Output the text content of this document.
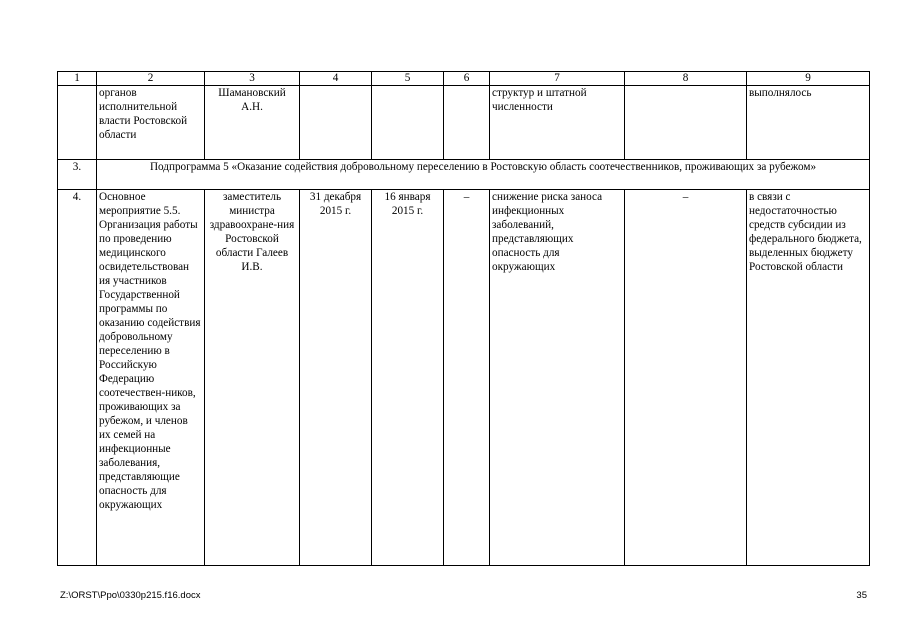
1	2	3	4	5	6	7	8	9
	органов исполнительной власти Ростовской области	Шамановский А.Н.				структур и штатной численности		выполнялось
3.	Подпрограмма 5 «Оказание содействия добровольному переселению в Ростовскую область соотечественников, проживающих за рубежом»							
4.	Основное мероприятие 5.5. Организация работы по проведению медицинского освидетельствован ия участников Государственной программы по оказанию содействия добровольному переселению в Российскую Федерацию соотечествен-ников, проживающих за рубежом, и членов их семей на инфекционные заболевания, представляющие опасность для окружающих	заместитель министра здравоохране-ния Ростовской области Галеев И.В.	31 декабря 2015 г.	16 января 2015 г.	–	снижение риска заноса инфекционных заболеваний, представляющих опасность для окружающих	–	в связи с недостаточностью средств субсидии из федерального бюджета, выделенных бюджету Ростовской области
Z:\ORST\Ppo\0330p215.f16.docx	35
